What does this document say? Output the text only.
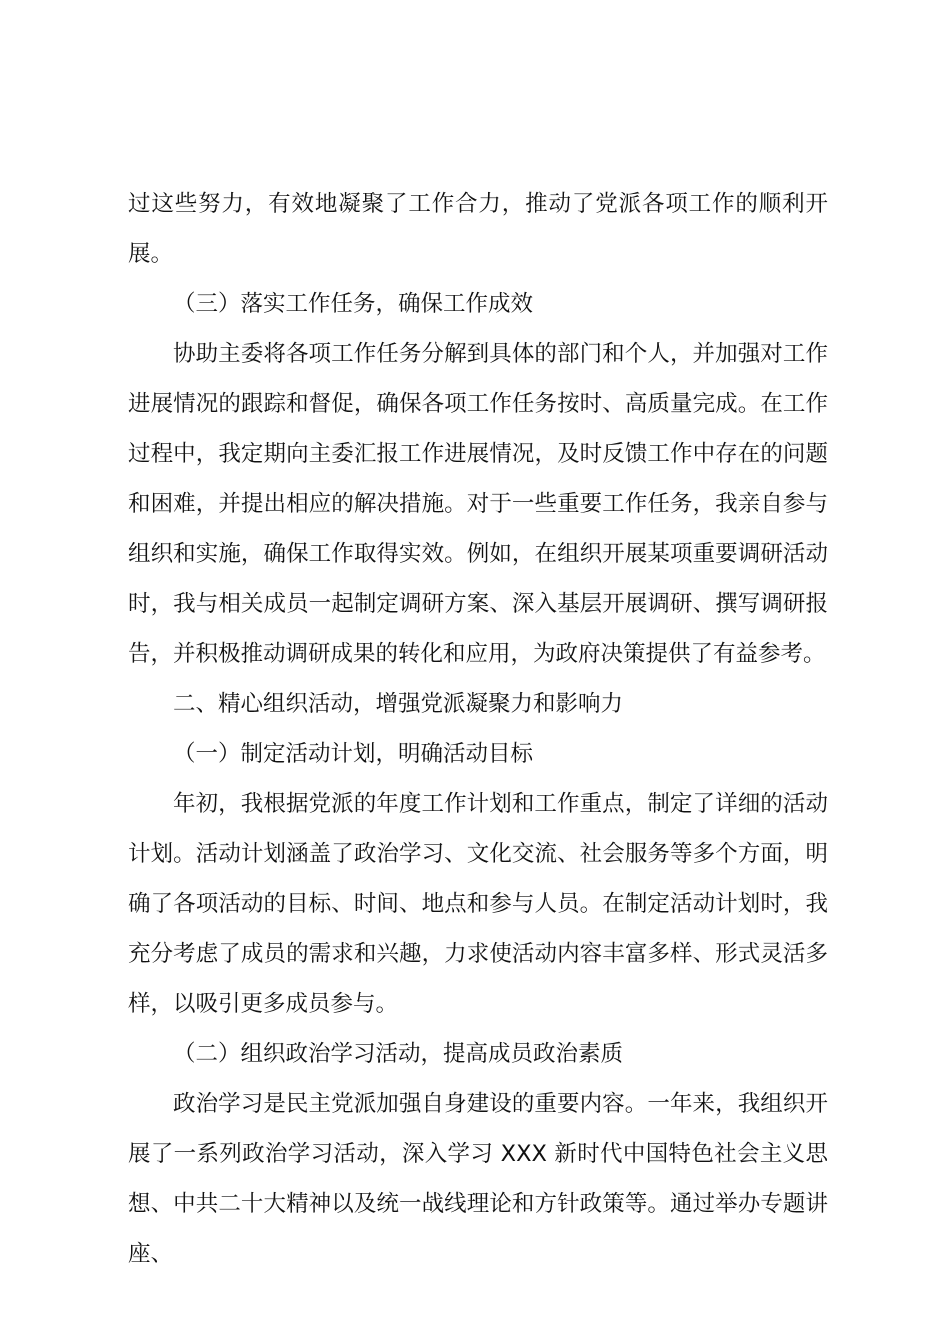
过这些努力，有效地凝聚了工作合力，推动了党派各项工作的顺利开展。

（三）落实工作任务，确保工作成效

协助主委将各项工作任务分解到具体的部门和个人，并加强对工作进展情况的跟踪和督促，确保各项工作任务按时、高质量完成。在工作过程中，我定期向主委汇报工作进展情况，及时反馈工作中存在的问题和困难，并提出相应的解决措施。对于一些重要工作任务，我亲自参与组织和实施，确保工作取得实效。例如，在组织开展某项重要调研活动时，我与相关成员一起制定调研方案、深入基层开展调研、撰写调研报告，并积极推动调研成果的转化和应用，为政府决策提供了有益参考。

二、精心组织活动，增强党派凝聚力和影响力

（一）制定活动计划，明确活动目标

年初，我根据党派的年度工作计划和工作重点，制定了详细的活动计划。活动计划涵盖了政治学习、文化交流、社会服务等多个方面，明确了各项活动的目标、时间、地点和参与人员。在制定活动计划时，我充分考虑了成员的需求和兴趣，力求使活动内容丰富多样、形式灵活多样，以吸引更多成员参与。

（二）组织政治学习活动，提高成员政治素质

政治学习是民主党派加强自身建设的重要内容。一年来，我组织开展了一系列政治学习活动，深入学习 XXX 新时代中国特色社会主义思想、中共二十大精神以及统一战线理论和方针政策等。通过举办专题讲座、
